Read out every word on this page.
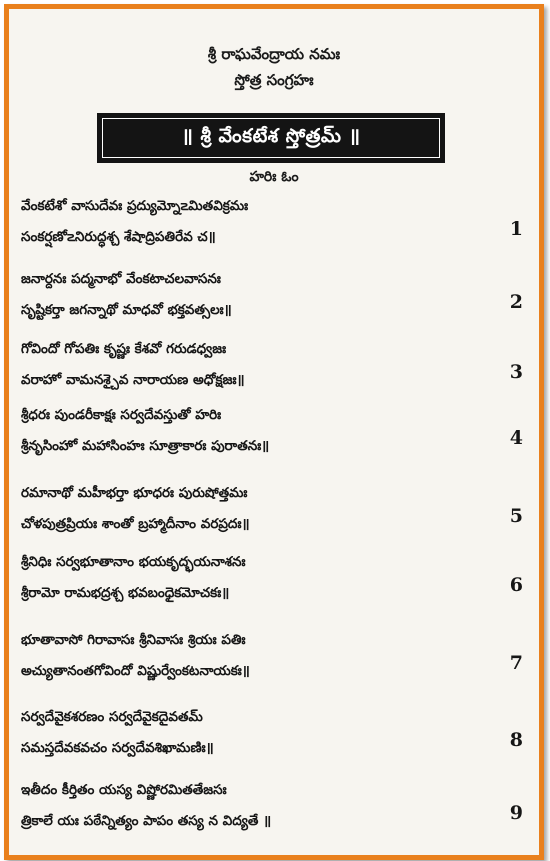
శ్రీ రాఘవేంద్రాయ నమః
స్తోత్ర సంగ్రహః
॥ శ్రీ వేంకటేశ స్తోత్రమ్ ॥
హరిః ఓం
వేంకటేశో వాసుదేవః ప్రద్యుమ్నో౽మితవిక్రమః
సంకర్షణో౽నిరుద్ధశ్చ శేషాద్రిపతిరేవ చ॥	1
జనార్దనః పద్మనాభో వేంకటాచలవాసనః
సృష్టికర్తా జగన్నాథో మాధవో భక్తవత్సలః॥	2
గోవిందో గోపతిః కృష్ణః కేశవో గరుడధ్వజః
వరాహో వామనశ్చైవ నారాయణ అధోక్షజః॥	3
శ్రీధరః పుండరీకాక్షః సర్వదేవస్తుతో హరిః
శ్రీనృసింహో మహాసింహః సూత్రాకారః పురాతనః॥	4
రమానాథో మహీభర్తా భూధరః పురుషోత్తమః
చోళపుత్రప్రియః శాంతో బ్రహ్మాదీనాం వరప్రదః॥	5
శ్రీనిధిః సర్వభూతానాం భయకృద్భయనాశనః
శ్రీరామో రామభద్రశ్చ భవబంధైకమోచకః॥	6
భూతావాసో గిరావాసః శ్రీనివాసః శ్రియః పతిః
అచ్యుతానంతగోవిందో విష్ణుర్వేంకటనాయకః॥	7
సర్వదేవైకశరణం సర్వదేవైకదైవతమ్
సమస్తదేవకవచం సర్వదేవశిఖామణిః॥	8
ఇతీదం కీర్తితం యస్య విష్ణోరమితతేజసః
త్రికాలే యః పఠేన్నిత్యం పాపం తస్య న విద్యతే ॥	9
